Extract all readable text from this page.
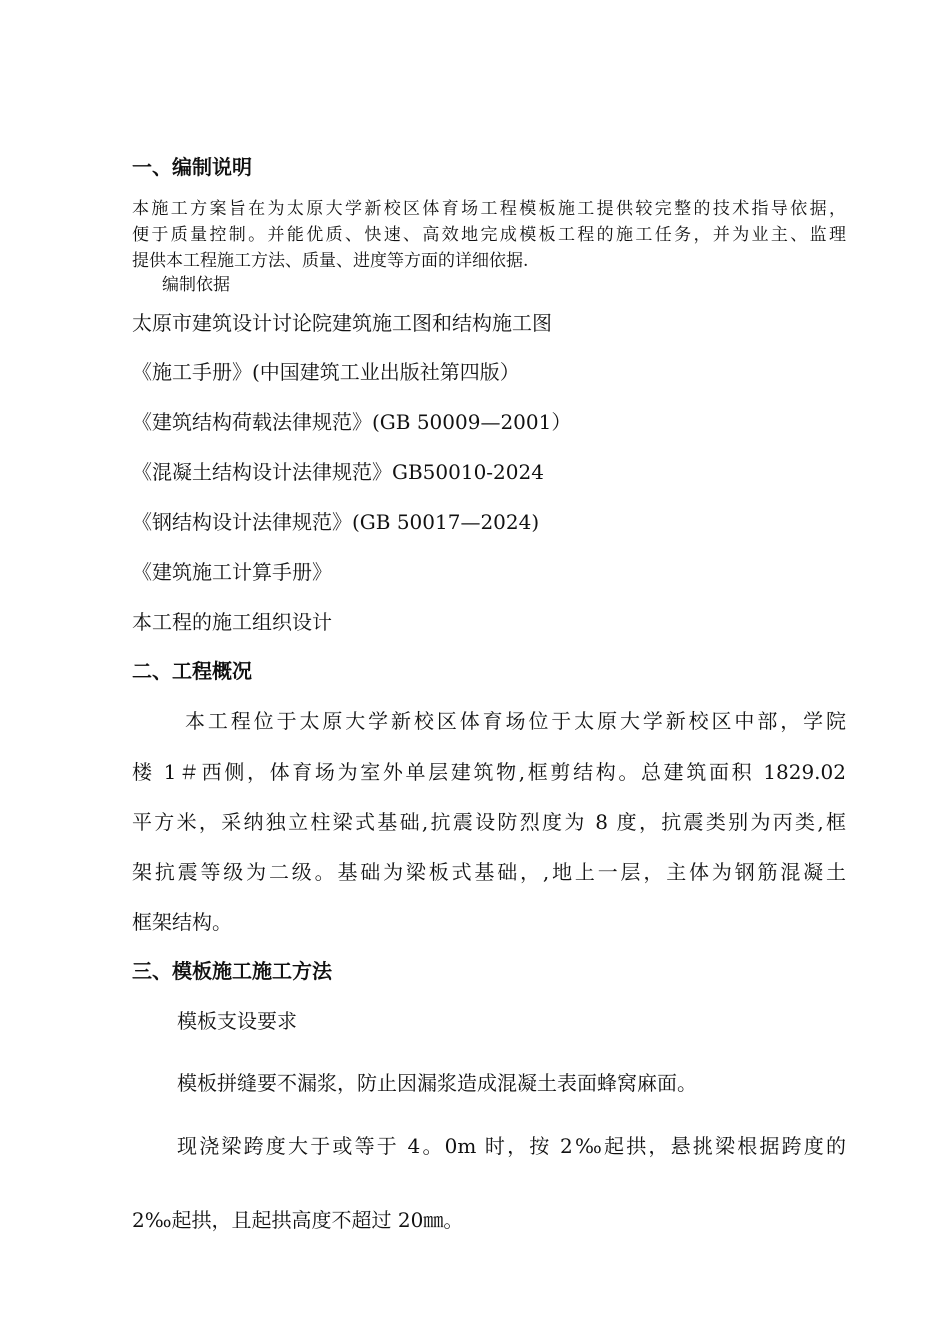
一、编制说明
本施工方案旨在为太原大学新校区体育场工程模板施工提供较完整的技术指导依据，
便于质量控制。并能优质、快速、高效地完成模板工程的施工任务，并为业主、监理
提供本工程施工方法、质量、进度等方面的详细依据.
编制依据
太原市建筑设计讨论院建筑施工图和结构施工图
《施工手册》(中国建筑工业出版社第四版）
《建筑结构荷载法律规范》(GB 50009—2001）
《混凝土结构设计法律规范》GB50010-2024
《钢结构设计法律规范》(GB 50017—2024)
《建筑施工计算手册》
本工程的施工组织设计
二、工程概况
本工程位于太原大学新校区体育场位于太原大学新校区中部，学院
楼 1＃西侧，体育场为室外单层建筑物,框剪结构。总建筑面积 1829.02
平方米，采纳独立柱梁式基础,抗震设防烈度为 8 度，抗震类别为丙类,框
架抗震等级为二级。基础为梁板式基础，,地上一层，主体为钢筋混凝土
框架结构。
三、模板施工施工方法
模板支设要求
模板拼缝要不漏浆，防止因漏浆造成混凝土表面蜂窝麻面。
现浇梁跨度大于或等于 4。0m 时，按 2‰起拱，悬挑梁根据跨度的
2‰起拱，且起拱高度不超过 20㎜。
